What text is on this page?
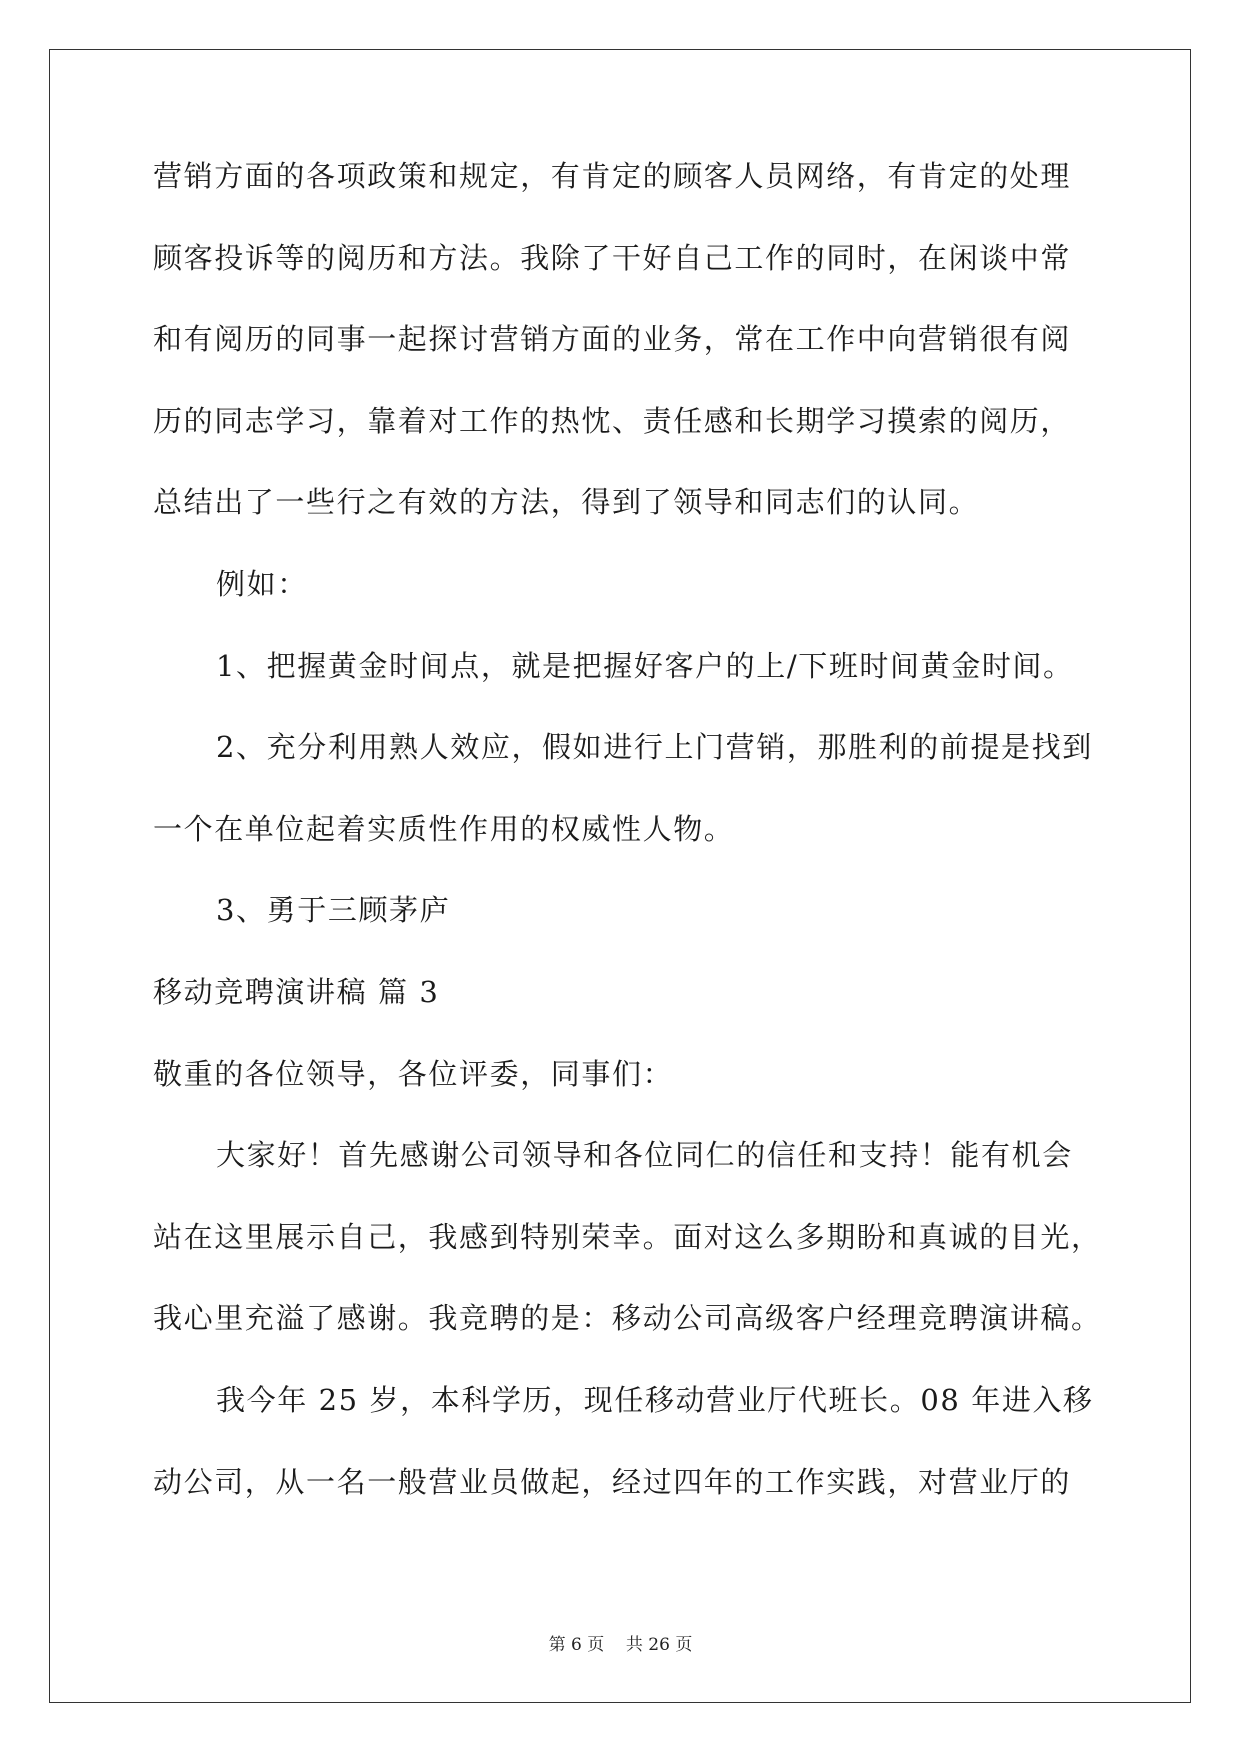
营销方面的各项政策和规定，有肯定的顾客人员网络，有肯定的处理
顾客投诉等的阅历和方法。我除了干好自己工作的同时，在闲谈中常
和有阅历的同事一起探讨营销方面的业务，常在工作中向营销很有阅
历的同志学习，靠着对工作的热忱、责任感和长期学习摸索的阅历，
总结出了一些行之有效的方法，得到了领导和同志们的认同。
例如：
1、把握黄金时间点，就是把握好客户的上/下班时间黄金时间。
2、充分利用熟人效应，假如进行上门营销，那胜利的前提是找到
一个在单位起着实质性作用的权威性人物。
3、勇于三顾茅庐
移动竞聘演讲稿 篇 3
敬重的各位领导，各位评委，同事们：
大家好！首先感谢公司领导和各位同仁的信任和支持！能有机会
站在这里展示自己，我感到特别荣幸。面对这么多期盼和真诚的目光，
我心里充溢了感谢。我竞聘的是：移动公司高级客户经理竞聘演讲稿。
我今年 25 岁，本科学历，现任移动营业厅代班长。08 年进入移
动公司，从一名一般营业员做起，经过四年的工作实践，对营业厅的
第 6 页 共 26 页
